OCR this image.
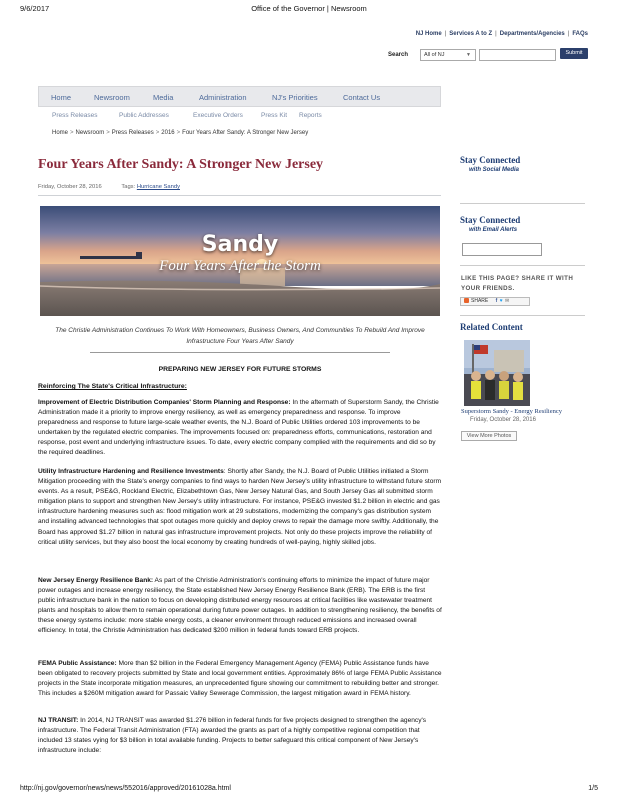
9/6/2017	Office of the Governor | Newsroom
NJ Home | Services A to Z | Departments/Agencies | FAQs
Search	All of NJ	▼	Submit
Home	Newsroom	Media	Administration	NJ's Priorities	Contact Us
Press Releases	Public Addresses	Executive Orders	Press Kit Reports
Home > Newsroom > Press Releases > 2016 > Four Years After Sandy: A Stronger New Jersey
Four Years After Sandy: A Stronger New Jersey
Friday, October 28, 2016	Tags: Hurricane Sandy
Sandy
Four Years After the Storm
The Christie Administration Continues To Work With Homeowners, Business Owners, And Communities To Rebuild And Improve Infrastructure Four Years After Sandy
PREPARING NEW JERSEY FOR FUTURE STORMS
Reinforcing The State's Critical Infrastructure:
Improvement of Electric Distribution Companies' Storm Planning and Response: In the aftermath of Superstorm Sandy, the Christie Administration made it a priority to improve energy resiliency, as well as emergency preparedness and response. To improve preparedness and response to future large-scale weather events, the N.J. Board of Public Utilities ordered 103 improvements to be undertaken by the regulated electric companies. The improvements focused on: preparedness efforts, communications, restoration and response, post event and underlying infrastructure issues. To date, every electric company complied with the requirements and did so by the required deadlines.
Utility Infrastructure Hardening and Resilience Investments: Shortly after Sandy, the N.J. Board of Public Utilities initiated a Storm Mitigation proceeding with the State's energy companies to find ways to harden New Jersey's utility infrastructure to withstand future storm events. As a result, PSE&G, Rockland Electric, Elizabethtown Gas, New Jersey Natural Gas, and South Jersey Gas all submitted storm mitigation plans to support and strengthen New Jersey's utility infrastructure. For instance, PSE&G invested $1.2 billion in electric and gas infrastructure hardening measures such as: flood mitigation work at 29 substations, modernizing the company's gas distribution system and installing advanced technologies that spot outages more quickly and deploy crews to repair the damage more swiftly. Additionally, the Board has approved $1.27 billion in natural gas infrastructure improvement projects. Not only do these projects improve the reliability of critical utility services, but they also boost the local economy by creating hundreds of well-paying, highly skilled jobs.
New Jersey Energy Resilience Bank: As part of the Christie Administration's continuing efforts to minimize the impact of future major power outages and increase energy resiliency, the State established New Jersey Energy Resilience Bank (ERB). The ERB is the first public infrastructure bank in the nation to focus on developing distributed energy resources at critical facilities like wastewater treatment plants and hospitals to allow them to remain operational during future power outages. In addition to strengthening resiliency, the benefits of these energy systems include: more stable energy costs, a cleaner environment through reduced emissions and increased overall efficiency. In total, the Christie Administration has dedicated $200 million in federal funds toward ERB projects.
FEMA Public Assistance: More than $2 billion in the Federal Emergency Management Agency (FEMA) Public Assistance funds have been obligated to recovery projects submitted by State and local government entities. Approximately 86% of large FEMA Public Assistance projects in the State incorporate mitigation measures, an unprecedented figure showing our commitment to rebuilding better and stronger. This includes a $260M mitigation award for Passaic Valley Sewerage Commission, the largest mitigation award in FEMA history.
NJ TRANSIT: In 2014, NJ TRANSIT was awarded $1.276 billion in federal funds for five projects designed to strengthen the agency's infrastructure. The Federal Transit Administration (FTA) awarded the grants as part of a highly competitive regional competition that included 13 states vying for $3 billion in total available funding. Projects to better safeguard this critical component of New Jersey's infrastructure include:
Stay Connected
with Social Media
Stay Connected
with Email Alerts
LIKE THIS PAGE? SHARE IT WITH YOUR FRIENDS.
SHARE f ♥ ✉
Related Content
Superstorm Sandy - Energy Resiliency
Friday, October 28, 2016
View More Photos
http://nj.gov/governor/news/news/552016/approved/20161028a.html	1/5
